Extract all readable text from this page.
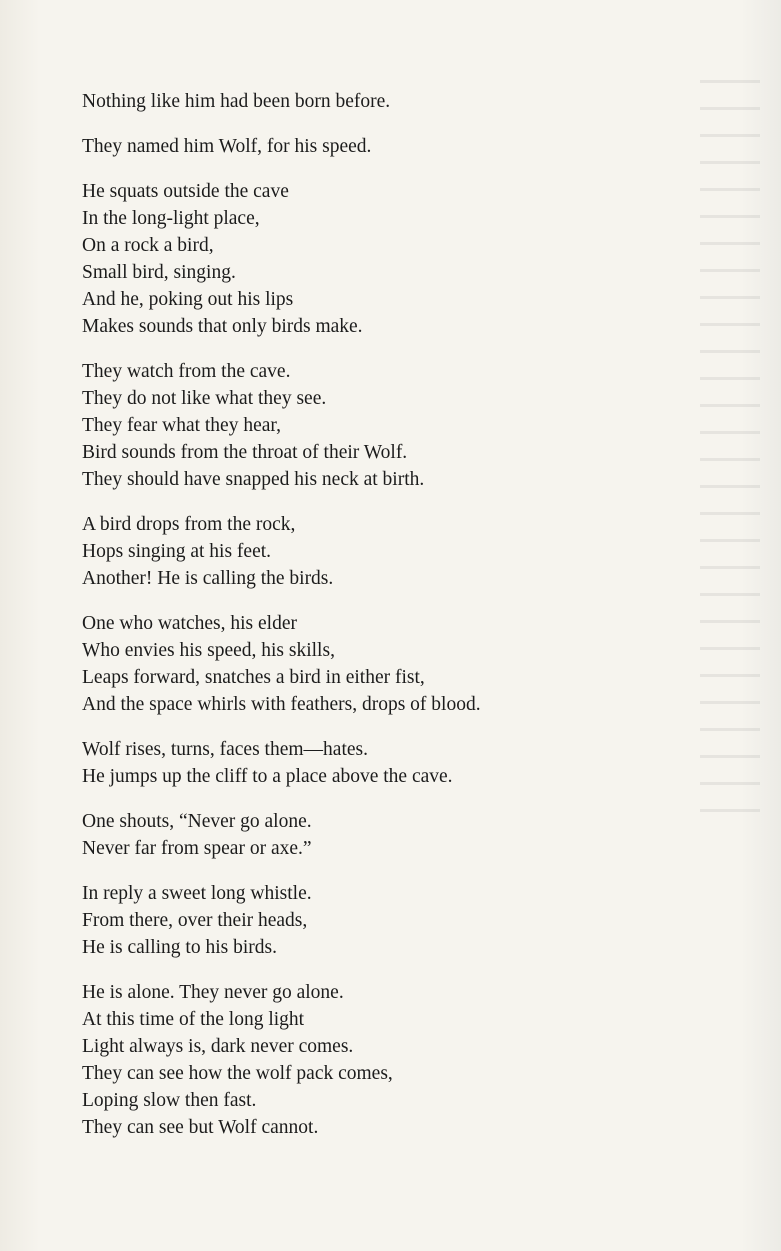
Nothing like him had been born before.
They named him Wolf, for his speed.
He squats outside the cave
In the long-light place,
On a rock a bird,
Small bird, singing.
And he, poking out his lips
Makes sounds that only birds make.
They watch from the cave.
They do not like what they see.
They fear what they hear,
Bird sounds from the throat of their Wolf.
They should have snapped his neck at birth.
A bird drops from the rock,
Hops singing at his feet.
Another! He is calling the birds.
One who watches, his elder
Who envies his speed, his skills,
Leaps forward, snatches a bird in either fist,
And the space whirls with feathers, drops of blood.
Wolf rises, turns, faces them—hates.
He jumps up the cliff to a place above the cave.
One shouts, “Never go alone.
Never far from spear or axe.”
In reply a sweet long whistle.
From there, over their heads,
He is calling to his birds.
He is alone. They never go alone.
At this time of the long light
Light always is, dark never comes.
They can see how the wolf pack comes,
Loping slow then fast.
They can see but Wolf cannot.
